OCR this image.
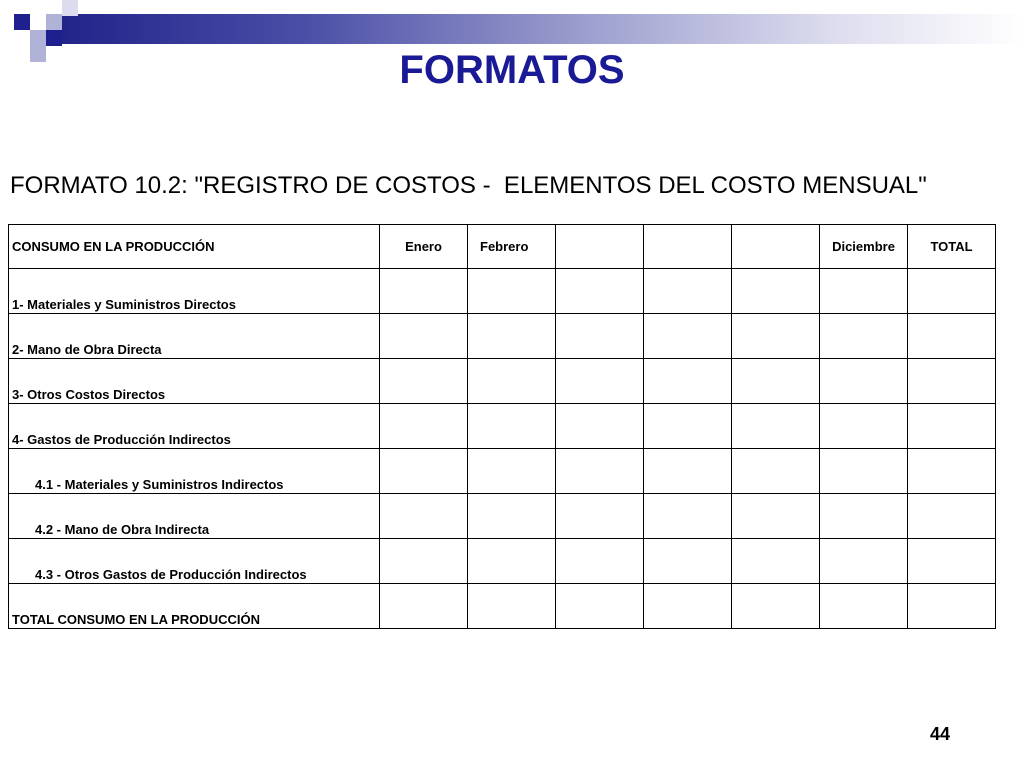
FORMATOS
FORMATO 10.2: "REGISTRO DE COSTOS -  ELEMENTOS DEL COSTO MENSUAL"
CONSUMO EN LA PRODUCCIÓN	Enero	Febrero				Diciembre	TOTAL
1- Materiales y Suministros Directos							
2- Mano de Obra Directa							
3- Otros Costos Directos							
4- Gastos de Producción Indirectos							
4.1 - Materiales y Suministros Indirectos							
4.2 - Mano de Obra Indirecta							
4.3 - Otros Gastos de Producción Indirectos							
TOTAL CONSUMO EN LA PRODUCCIÓN							
44
